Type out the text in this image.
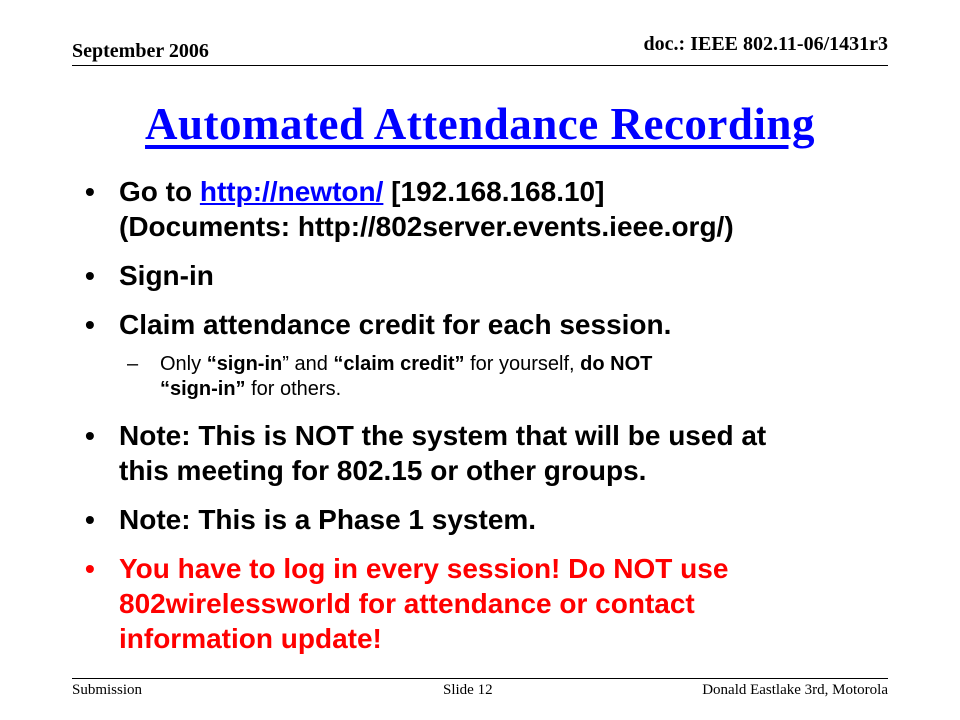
September 2006	doc.: IEEE 802.11-06/1431r3
Automated Attendance Recording
• Go to http://newton/ [192.168.168.10]
(Documents: http://802server.events.ieee.org/)
• Sign-in
• Claim attendance credit for each session.
– Only “sign-in” and “claim credit” for yourself, do NOT
“sign-in” for others.
• Note: This is NOT the system that will be used at
this meeting for 802.15 or other groups.
• Note: This is a Phase 1 system.
• You have to log in every session! Do NOT use
802wirelessworld for attendance or contact
information update!
Submission	Slide 12	Donald Eastlake 3rd, Motorola
